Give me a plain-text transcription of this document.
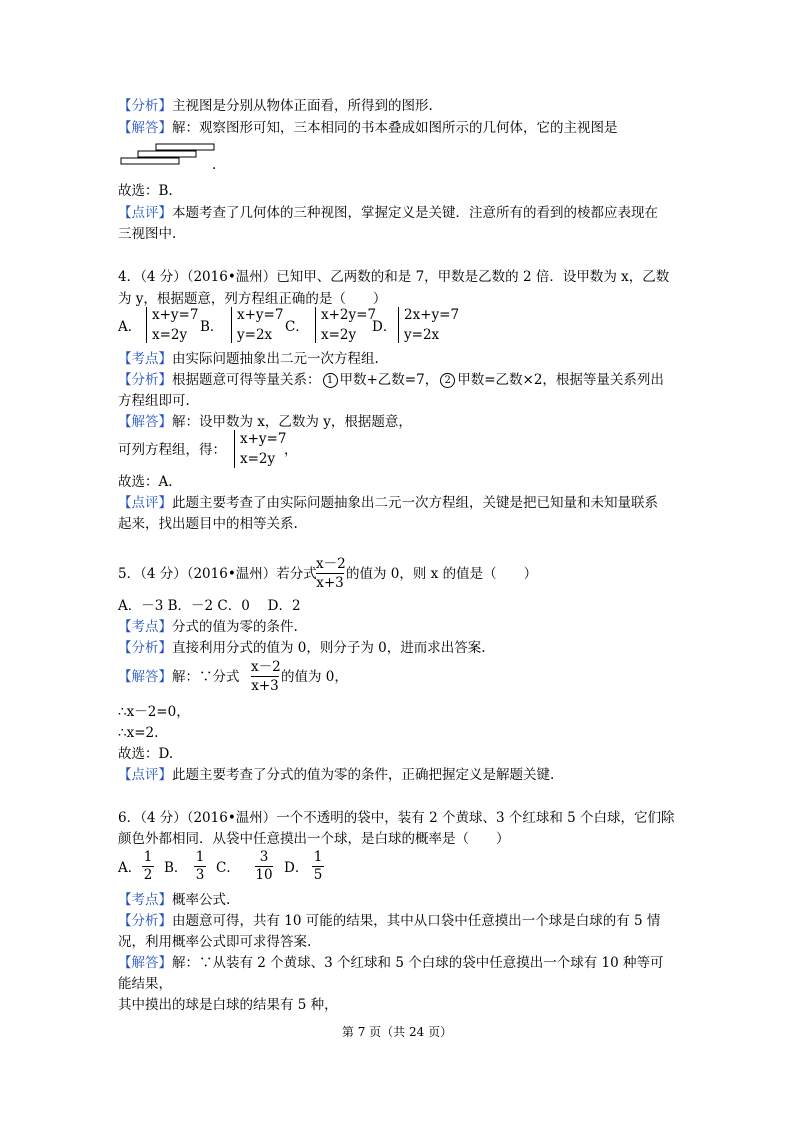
【分析】主视图是分别从物体正面看，所得到的图形.
【解答】解：观察图形可知，三本相同的书本叠成如图所示的几何体，它的主视图是
.
故选：B.
【点评】本题考查了几何体的三种视图，掌握定义是关键．注意所有的看到的棱都应表现在
三视图中.
4．（4 分）（2016•温州）已知甲、乙两数的和是 7，甲数是乙数的 2 倍．设甲数为 x，乙数
为 y，根据题意，列方程组正确的是（　　）
A．
x+y=7
x=2y B．
x+y=7
y=2x C．
x+2y=7
x=2y D．
2x+y=7
y=2x
【考点】由实际问题抽象出二元一次方程组.
【分析】根据题意可得等量关系： 1 甲数+乙数=7， 2 甲数=乙数×2，根据等量关系列出
方程组即可.
【解答】解：设甲数为 x，乙数为 y，根据题意，
可列方程组，得：
x+y=7
x=2y
，
故选：A.
【点评】此题主要考查了由实际问题抽象出二元一次方程组，关键是把已知量和未知量联系
起来，找出题目中的相等关系.
5．（4 分）（2016•温州）若分式
x－2
x+3
的值为 0，则 x 的值是（　　）
A．－3 B．－2 C．0　 D．2
【考点】分式的值为零的条件.
【分析】直接利用分式的值为 0，则分子为 0，进而求出答案.
【解答】解：∵分式
x－2
x+3
的值为 0，
∴x－2=0，
∴x=2.
故选：D.
【点评】此题主要考查了分式的值为零的条件，正确把握定义是解题关键.
6．（4 分）（2016•温州）一个不透明的袋中，装有 2 个黄球、3 个红球和 5 个白球，它们除
颜色外都相同．从袋中任意摸出一个球，是白球的概率是（　　）
A．
1
2 B．
1
3 C．
3
10 D．
1
5
【考点】概率公式.
【分析】由题意可得，共有 10 可能的结果，其中从口袋中任意摸出一个球是白球的有 5 情
况，利用概率公式即可求得答案.
【解答】解：∵从装有 2 个黄球、3 个红球和 5 个白球的袋中任意摸出一个球有 10 种等可
能结果，
其中摸出的球是白球的结果有 5 种，
第 7 页（共 24 页）
